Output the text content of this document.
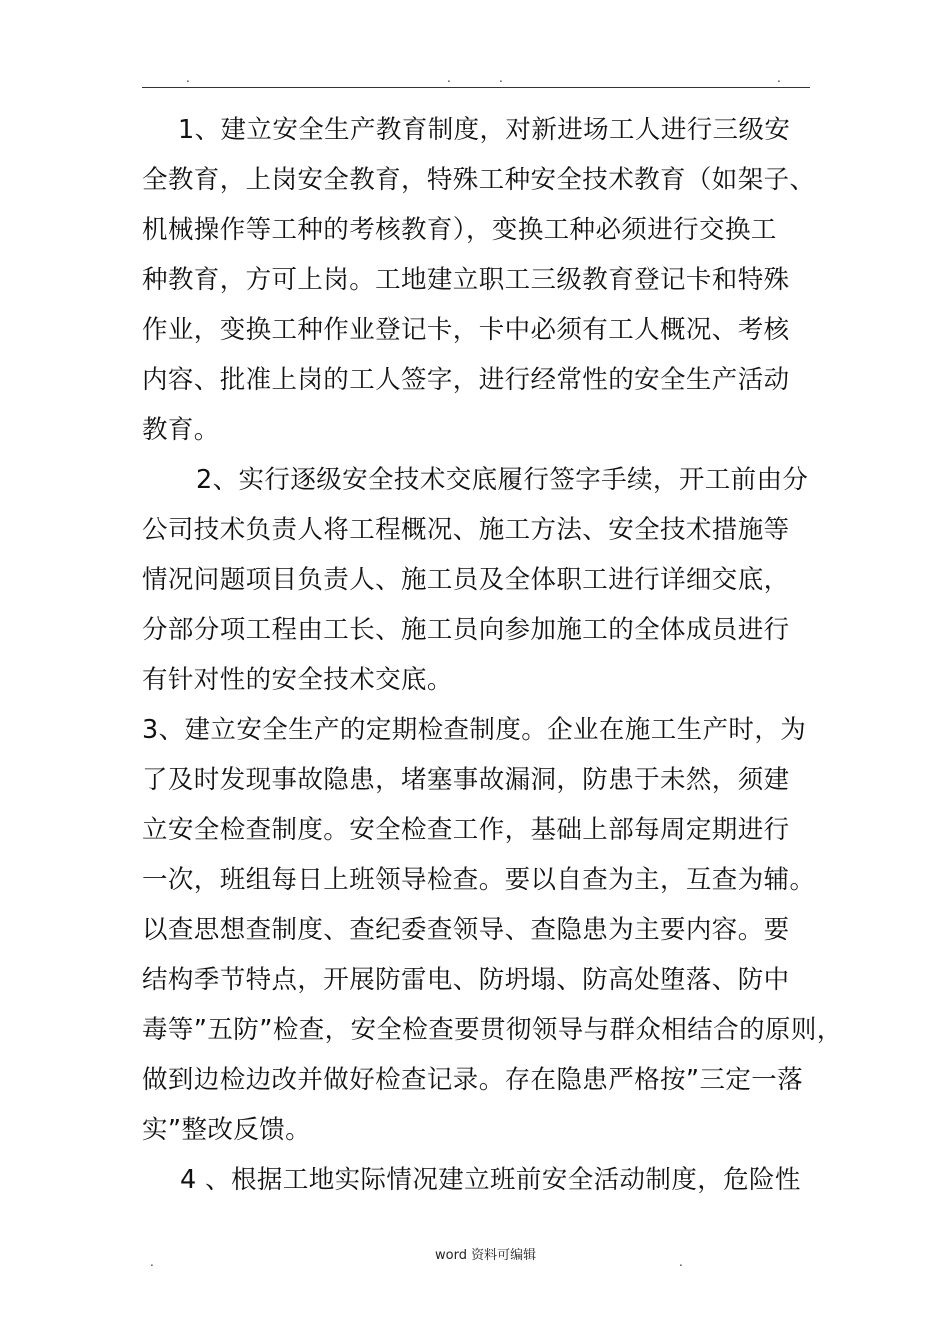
.	.	.	.
1、建立安全生产教育制度，对新进场工人进行三级安
全教育，上岗安全教育，特殊工种安全技术教育（如架子、
机械操作等工种的考核教育），变换工种必须进行交换工
种教育，方可上岗。工地建立职工三级教育登记卡和特殊
作业，变换工种作业登记卡，卡中必须有工人概况、考核
内容、批准上岗的工人签字，进行经常性的安全生产活动
教育。
2、实行逐级安全技术交底履行签字手续，开工前由分
公司技术负责人将工程概况、施工方法、安全技术措施等
情况问题项目负责人、施工员及全体职工进行详细交底，
分部分项工程由工长、施工员向参加施工的全体成员进行
有针对性的安全技术交底。
3、建立安全生产的定期检查制度。企业在施工生产时，为
了及时发现事故隐患，堵塞事故漏洞，防患于未然，须建
立安全检查制度。安全检查工作，基础上部每周定期进行
一次，班组每日上班领导检查。要以自查为主，互查为辅。
以查思想查制度、查纪委查领导、查隐患为主要内容。要
结构季节特点，开展防雷电、防坍塌、防高处堕落、防中
毒等”五防”检查，安全检查要贯彻领导与群众相结合的原则，
做到边检边改并做好检查记录。存在隐患严格按”三定一落
实”整改反馈。
4 、根据工地实际情况建立班前安全活动制度，危险性
.	word 资料可编辑	.
